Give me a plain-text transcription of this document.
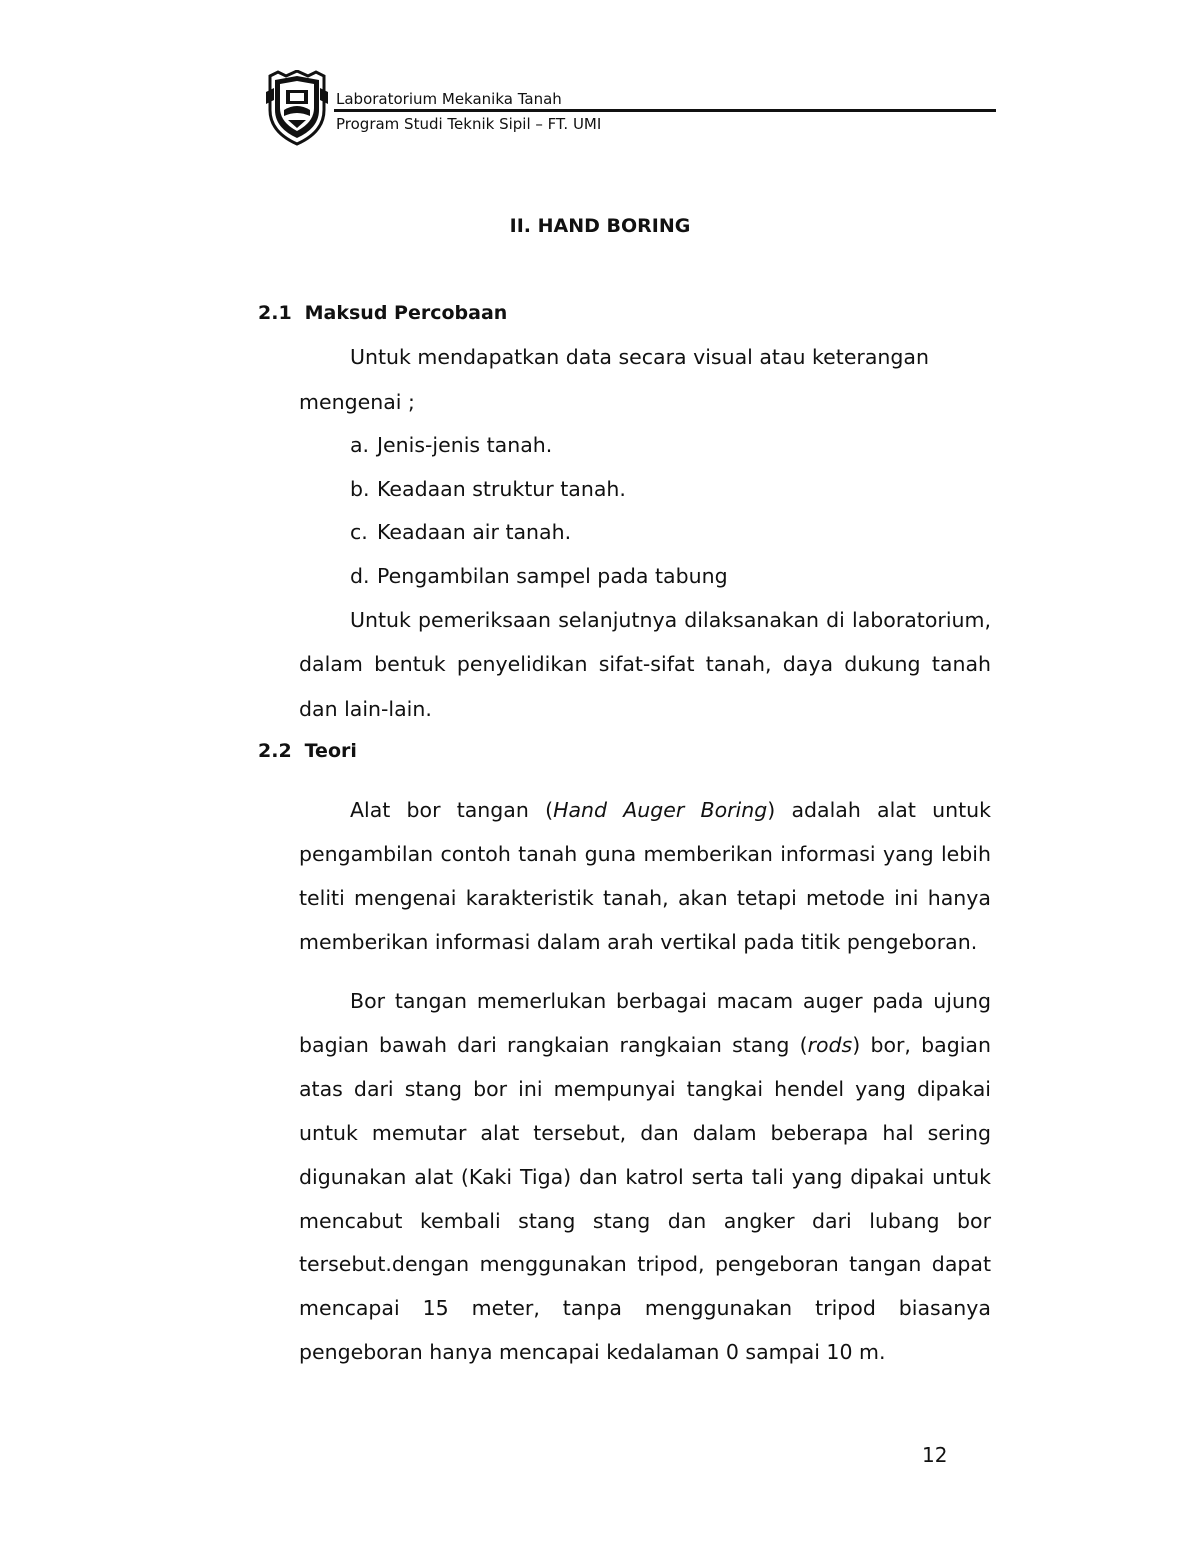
Laboratorium Mekanika Tanah
Program Studi Teknik Sipil – FT. UMI
II. HAND BORING
2.1 Maksud Percobaan
Untuk mendapatkan data secara visual atau keterangan
mengenai ;
a. Jenis-jenis tanah.
b. Keadaan struktur tanah.
c. Keadaan air tanah.
d. Pengambilan sampel pada tabung
Untuk pemeriksaan selanjutnya dilaksanakan di laboratorium,
dalam bentuk penyelidikan sifat-sifat tanah, daya dukung tanah
dan lain-lain.
2.2 Teori
Alat bor tangan (Hand Auger Boring) adalah alat untuk
pengambilan contoh tanah guna memberikan informasi yang lebih
teliti mengenai karakteristik tanah, akan tetapi metode ini hanya
memberikan informasi dalam arah vertikal pada titik pengeboran.
Bor tangan memerlukan berbagai macam auger pada ujung
bagian bawah dari rangkaian rangkaian stang (rods) bor, bagian
atas dari stang bor ini mempunyai tangkai hendel yang dipakai
untuk memutar alat tersebut, dan dalam beberapa hal sering
digunakan alat (Kaki Tiga) dan katrol serta tali yang dipakai untuk
mencabut kembali stang stang dan angker dari lubang bor
tersebut.dengan menggunakan tripod, pengeboran tangan dapat
mencapai 15 meter, tanpa menggunakan tripod biasanya
pengeboran hanya mencapai kedalaman 0 sampai 10 m.
12
